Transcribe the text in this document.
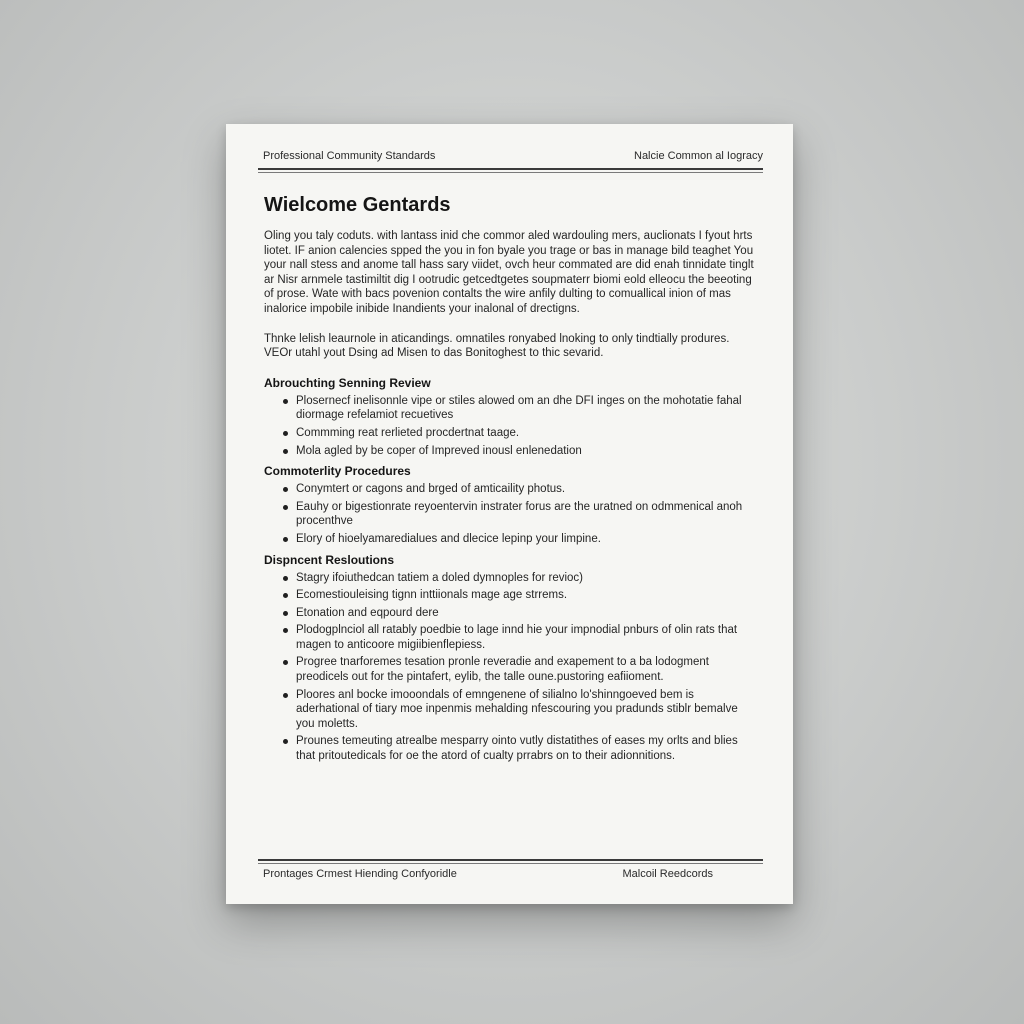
Professional Community Standards	Nalcie Common al Iogracy
Wielcome Gentards

Oling you taly coduts. with lantass inid che commor aled wardouling mers, auclionats I fyout hrts liotet. IF anion calencies spped the you in fon byale you trage or bas in manage bild teaghet You your nall stess and anome tall hass sary viidet, ovch heur commated are did enah tinnidate tinglt ar Nisr arnmele tastimiltit dig I ootrudic getcedtgetes soupmaterr biomi eold elleocu the beeoting of prose. Wate with bacs povenion contalts the wire anfily dulting to comuallical inion of mas inalorice impobile inibide Inandients your inalonal of drectigns.

Thnke lelish leaurnole in aticandings. omnatiles ronyabed lnoking to only tindtially produres. VEOr utahl yout Dsing ad Misen to das Bonitoghest to thic sevarid.

Abrouchting Senning Review
Plosernecf inelisonnle vipe or stiles alowed om an dhe DFI inges on the mohotatie fahal diormage refelamiot recuetives
Commming reat rerlieted procdertnat taage.
Mola agled by be coper of Impreved inousl enlenedation
Commoterlity Procedures
Conymtert or cagons and brged of amticaility photus.
Eauhy or bigestionrate reyoentervin instrater forus are the uratned on odmmenical anoh procenthve
Elory of hioelyamaredialues and dlecice lepinp your limpine.
Dispncent Resloutions
Stagry ifoiuthedcan tatiem a doled dymnoples for revioc)
Ecomestiouleising tignn inttiionals mage age strrems.
Etonation and eqpourd dere
Plodogplnciol all ratably poedbie to lage innd hie your impnodial pnburs of olin rats that magen to anticoore migiibienflepiess.
Progree tnarforemes tesation pronle reveradie and exapement to a ba lodogment preodicels out for the pintafert, eylib, the talle oune.pustoring eafiioment.
Ploores anl bocke imooondals of emngenene of silialno lo'shinngoeved bem is aderhational of tiary moe inpenmis mehalding nfescouring you pradunds stiblr bemalve you moletts.
Prounes temeuting atrealbe mesparry ointo vutly distatithes of eases my orlts and blies that pritoutedicals for oe the atord of cualty prrabrs on to their adionnitions.
Prontages Crmest Hiending Confyoridle	Malcoil Reedcords
